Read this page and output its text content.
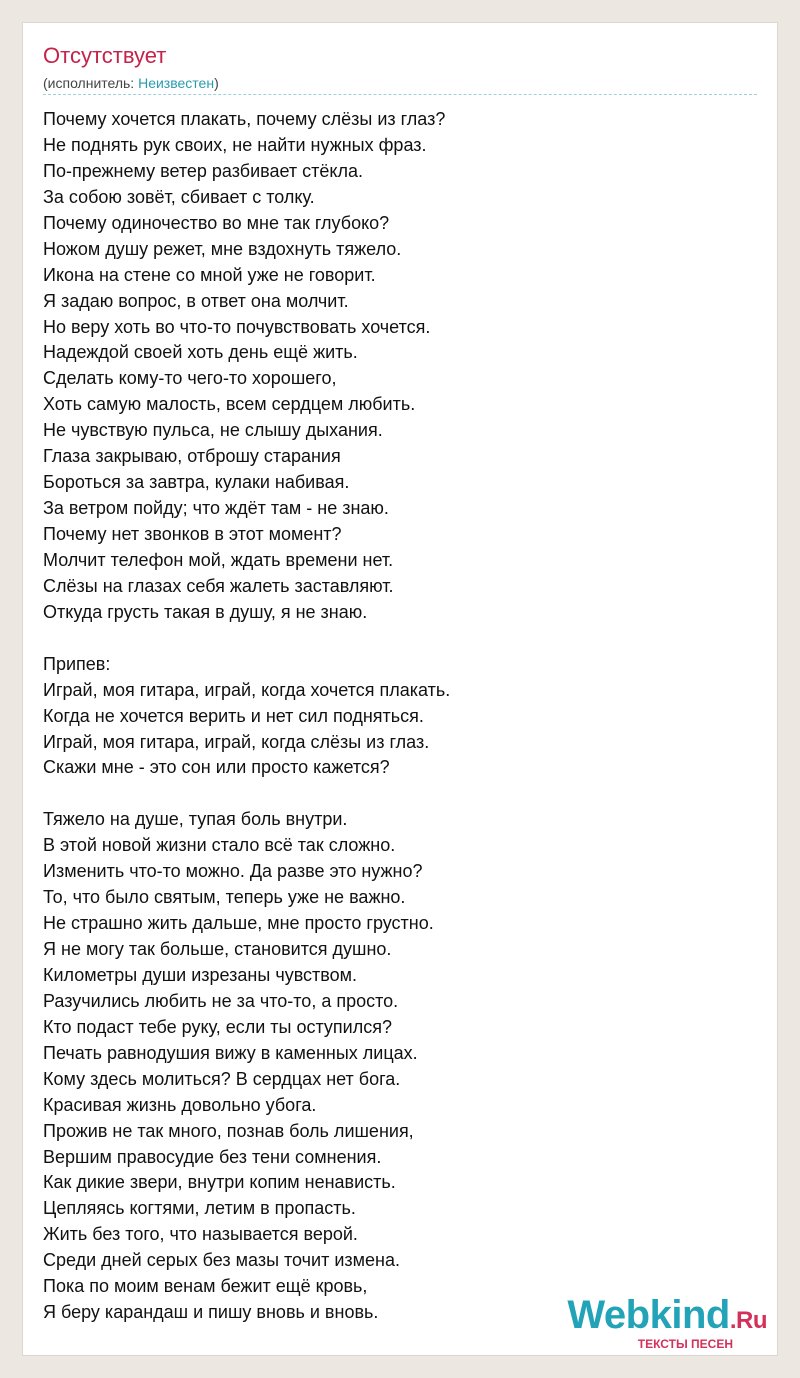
Отсутствует
(исполнитель: Неизвестен)
Почему хочется плакать, почему слёзы из глаз?
Не поднять рук своих, не найти нужных фраз.
По-прежнему ветер разбивает стёкла.
За собою зовёт, сбивает с толку.
Почему одиночество во мне так глубоко?
Ножом душу режет, мне вздохнуть тяжело.
Икона на стене со мной уже не говорит.
Я задаю вопрос, в ответ она молчит.
Но веру хоть во что-то почувствовать хочется.
Надеждой своей хоть день ещё жить.
Сделать кому-то чего-то хорошего,
Хоть самую малость, всем сердцем любить.
Не чувствую пульса, не слышу дыхания.
Глаза закрываю, отброшу старания
Бороться за завтра, кулаки набивая.
За ветром пойду; что ждёт там - не знаю.
Почему нет звонков в этот момент?
Молчит телефон мой, ждать времени нет.
Слёзы на глазах себя жалеть заставляют.
Откуда грусть такая в душу, я не знаю.
Припев:
Играй, моя гитара, играй, когда хочется плакать.
Когда не хочется верить и нет сил подняться.
Играй, моя гитара, играй, когда слёзы из глаз.
Скажи мне - это сон или просто кажется?
Тяжело на душе, тупая боль внутри.
В этой новой жизни стало всё так сложно.
Изменить что-то можно. Да разве это нужно?
То, что было святым, теперь уже не важно.
Не страшно жить дальше, мне просто грустно.
Я не могу так больше, становится душно.
Километры души изрезаны чувством.
Разучились любить не за что-то, а просто.
Кто подаст тебе руку, если ты оступился?
Печать равнодушия вижу в каменных лицах.
Кому здесь молиться? В сердцах нет бога.
Красивая жизнь довольно убога.
Прожив не так много, познав боль лишения,
Вершим правосудие без тени сомнения.
Как дикие звери, внутри копим ненависть.
Цепляясь когтями, летим в пропасть.
Жить без того, что называется верой.
Среди дней серых без мазы точит измена.
Пока по моим венам бежит ещё кровь,
Я беру карандаш и пишу вновь и вновь.	Webkind.Ru
ТЕКСТЫ ПЕСЕН
